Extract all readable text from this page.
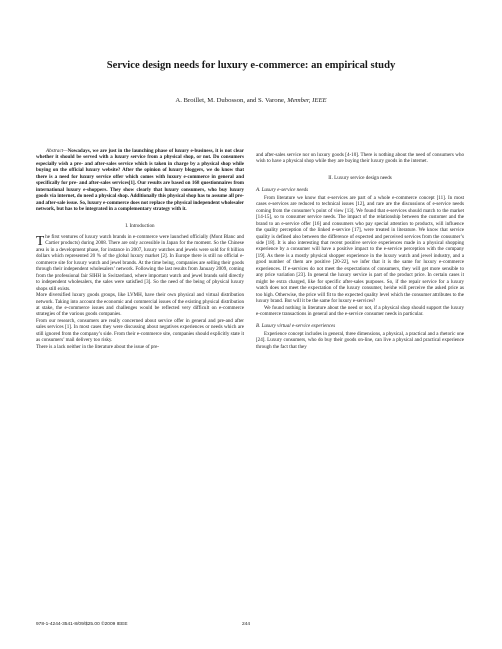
Service design needs for luxury e-commerce: an empirical study

A. Broillet, M. Dubosson, and S. Varone, Member, IEEE

Abstract—Nowadays, we are just in the launching phase of luxury e-business, it is not clear whether it should be served with a luxury service from a physical shop, or not. Do consumers especially wish a pre- and after-sales service which is taken in charge by a physical shop while buying on the official luxury website? After the opinion of luxury bloggers, we do know that there is a need for luxury service offer which comes with luxury e-commerce in general and specifically for pre- and after-sales services[1]. Our results are based on 168 questionnaires from international luxury e-shoppers. They show clearly that luxury consumers, who buy luxury goods via internet, do need a physical shop. Additionally this physical shop has to assume all pre- and after-sale issue. So, luxury e-commerce does not replace the physical independent wholesaler network, but has to be integrated in a complementary strategy with it.

I. Introduction

The first ventures of luxury watch brands in e-commerce were launched officially (Mont Blanc and Cartier products) during 2008. There are only accessible in Japan for the moment. So the Chinese area is in a development phase, for instance in 2007, luxury watches and jewels were sold for 8 billion dollars which represented 20 % of the global luxury market [2]. In Europe there is still no official e-commerce site for luxury watch and jewel brands. At the time being, companies are selling their goods through their independent wholesalers’ network. Following the last results from January 2009, coming from the professional fair SIHH in Switzerland, where important watch and jewel brands sold directly to independent wholesalers, the sales were satisfied [3]. So the need of the being of physical luxury shops still exists.

More diversified luxury goods groups, like LVMH, have their own physical and virtual distribution network. Taking into account the economic and commercial issues of the existing physical distribution at stake, the e-commerce issues and challenges would be reflected very difficult on e-commerce strategies of the various goods companies.

From our research, consumers are really concerned about service offer in general and pre-and after sales services [1]. In most cases they were discussing about negatives experiences or needs which are still ignored from the company’s side. From their e-commerce site, companies should explicitly state it as consumers’ mail delivery too risky.

There is a lack neither in the literature about the issue of pre-

and after-sales service nor on luxury goods [4-10]. There is nothing about the need of consumers who wish to have a physical shop while they are buying their luxury goods in the internet.

II. Luxury service design needs

A. Luxury e-service needs

From literature we know that e-services are part of a whole e-commerce concept [11]. In most cases e-services are reduced to technical issues [12], and rare are the discussions of e-service needs coming from the consumer’s point of view [13]. We found that e-services should match to the market [14-15], so to consumer service needs. The impact of the relationship between the customer and the brand to an e-service offer [16] and consumers who pay special attention to products, will influence the quality perception of the linked e-service [17], were treated in literature. We know that service quality is defined also between the difference of expected and perceived services from the consumer’s side [18]. It is also interesting that recent positive service experiences made in a physical shopping experience by a consumer will have a positive impact to the e-service perception with the company [19]. As there is a mostly physical shopper experience in the luxury watch and jewel industry, and a good number of them are positive [20-22], we infer that it is the same for luxury e-commerce experiences. If e-services do not meet the expectations of consumers, they will get more sensible to any price variation [23]. In general the luxury service is part of the product price. In certain cases it might be extra charged, like for specific after-sales purposes. So, if the repair service for a luxury watch does not meet the expectation of the luxury consumer, he/she will perceive the asked price as too high. Otherwise, the price will fit to the expected quality level which the consumer attributes to the luxury brand. But will it be the same for luxury e-services?

We found nothing in literature about the need or not, if a physical shop should support the luxury e-commerce transactions in general and the e-service consumer needs in particular.

B. Luxury virtual e-service experiences

Experience concept includes in general, three dimensions, a physical, a practical and a rhetoric one [24]. Luxury consumers, who do buy their goods on-line, can live a physical and practical experience through the fact that they

978-1-4244-3541-8/09/$25.00 ©2009 IEEE	244
